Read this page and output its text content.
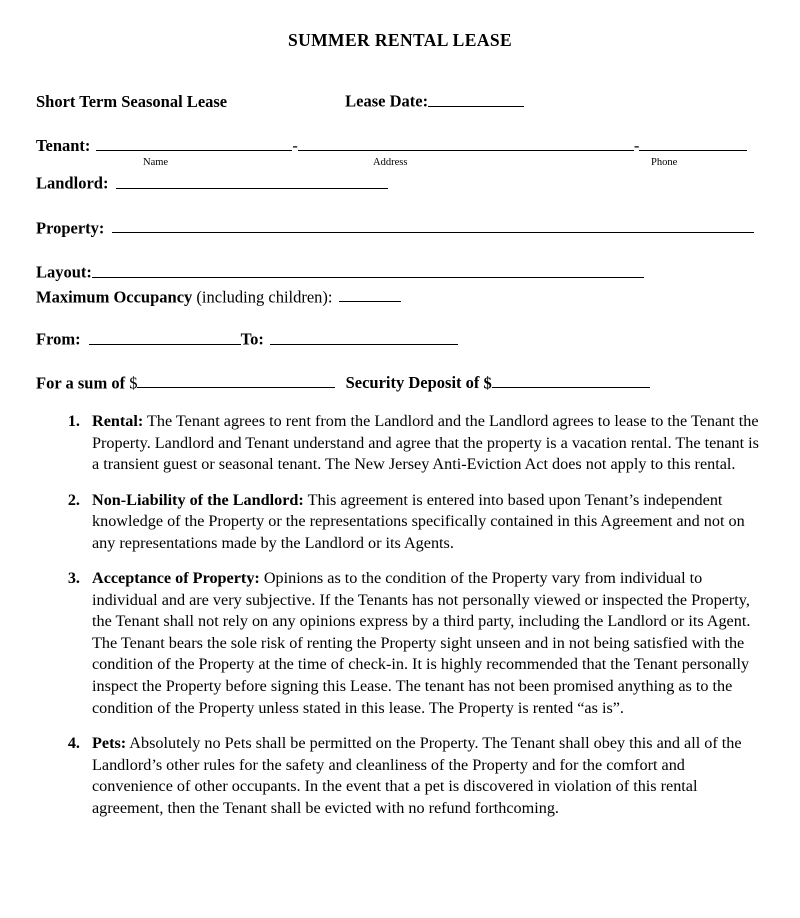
SUMMER RENTAL LEASE
Short Term Seasonal Lease	Lease Date:
Tenant:	-	-
Name	Address	Phone
Landlord:
Property:
Layout:
Maximum Occupancy (including children):
From:	To:
For a sum of $	Security Deposit of $
1. Rental: The Tenant agrees to rent from the Landlord and the Landlord agrees to lease to the Tenant the Property. Landlord and Tenant understand and agree that the property is a vacation rental. The tenant is a transient guest or seasonal tenant. The New Jersey Anti-Eviction Act does not apply to this rental.
2. Non-Liability of the Landlord: This agreement is entered into based upon Tenant’s independent knowledge of the Property or the representations specifically contained in this Agreement and not on any representations made by the Landlord or its Agents.
3. Acceptance of Property: Opinions as to the condition of the Property vary from individual to individual and are very subjective. If the Tenants has not personally viewed or inspected the Property, the Tenant shall not rely on any opinions express by a third party, including the Landlord or its Agent. The Tenant bears the sole risk of renting the Property sight unseen and in not being satisfied with the condition of the Property at the time of check-in. It is highly recommended that the Tenant personally inspect the Property before signing this Lease. The tenant has not been promised anything as to the condition of the Property unless stated in this lease. The Property is rented “as is”.
4. Pets: Absolutely no Pets shall be permitted on the Property. The Tenant shall obey this and all of the Landlord’s other rules for the safety and cleanliness of the Property and for the comfort and convenience of other occupants. In the event that a pet is discovered in violation of this rental agreement, then the Tenant shall be evicted with no refund forthcoming.
